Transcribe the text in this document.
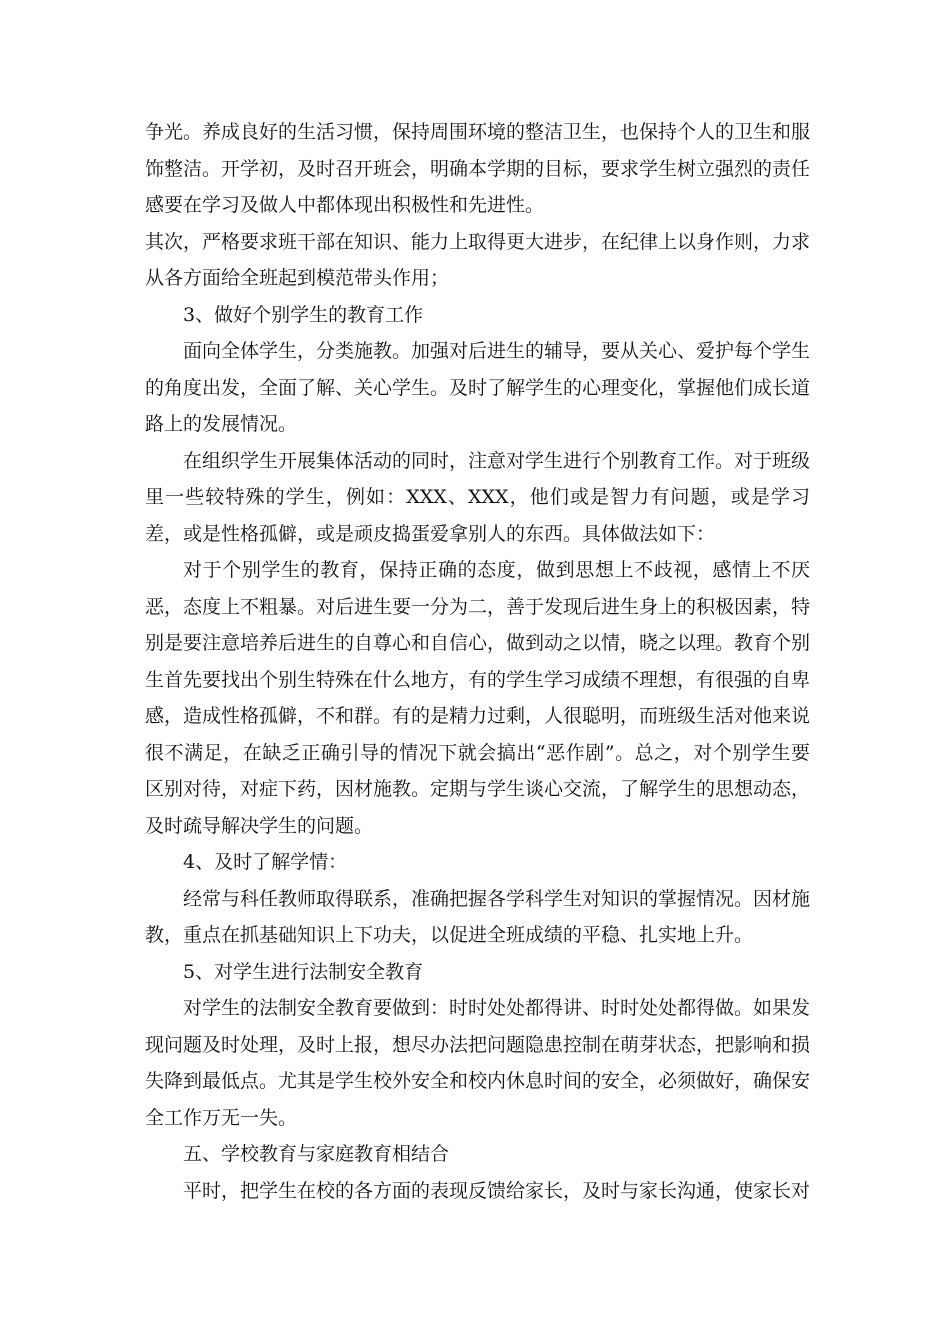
争光。养成良好的生活习惯，保持周围环境的整洁卫生，也保持个人的卫生和服饰整洁。开学初，及时召开班会，明确本学期的目标，要求学生树立强烈的责任感要在学习及做人中都体现出积极性和先进性。

其次，严格要求班干部在知识、能力上取得更大进步，在纪律上以身作则，力求从各方面给全班起到模范带头作用；

3、做好个别学生的教育工作

面向全体学生，分类施教。加强对后进生的辅导，要从关心、爱护每个学生的角度出发，全面了解、关心学生。及时了解学生的心理变化，掌握他们成长道路上的发展情况。

在组织学生开展集体活动的同时，注意对学生进行个别教育工作。对于班级里一些较特殊的学生，例如：XXX、XXX，他们或是智力有问题，或是学习差，或是性格孤僻，或是顽皮捣蛋爱拿别人的东西。具体做法如下：

对于个别学生的教育，保持正确的态度，做到思想上不歧视，感情上不厌恶，态度上不粗暴。对后进生要一分为二，善于发现后进生身上的积极因素，特别是要注意培养后进生的自尊心和自信心，做到动之以情，晓之以理。教育个别生首先要找出个别生特殊在什么地方，有的学生学习成绩不理想，有很强的自卑感，造成性格孤僻，不和群。有的是精力过剩，人很聪明，而班级生活对他来说很不满足，在缺乏正确引导的情况下就会搞出“恶作剧”。总之，对个别学生要区别对待，对症下药，因材施教。定期与学生谈心交流，了解学生的思想动态，及时疏导解决学生的问题。

4、及时了解学情：

经常与科任教师取得联系，准确把握各学科学生对知识的掌握情况。因材施教，重点在抓基础知识上下功夫，以促进全班成绩的平稳、扎实地上升。

5、对学生进行法制安全教育

对学生的法制安全教育要做到：时时处处都得讲、时时处处都得做。如果发现问题及时处理，及时上报，想尽办法把问题隐患控制在萌芽状态，把影响和损失降到最低点。尤其是学生校外安全和校内休息时间的安全，必须做好，确保安全工作万无一失。

五、学校教育与家庭教育相结合

平时，把学生在校的各方面的表现反馈给家长，及时与家长沟通，使家长对
